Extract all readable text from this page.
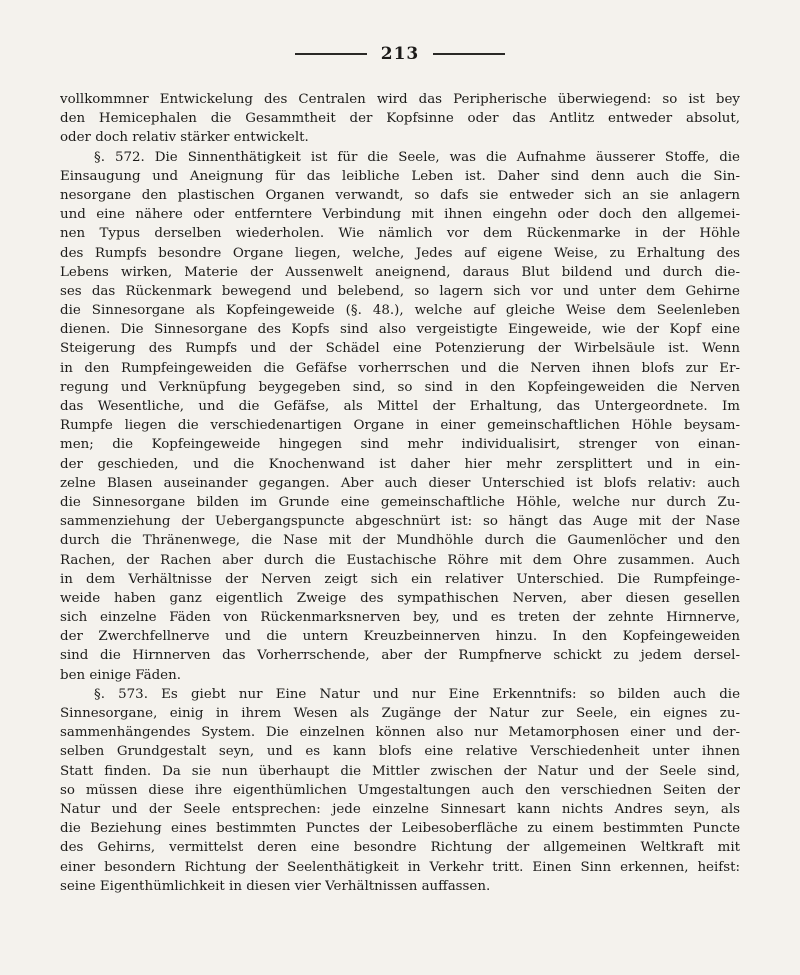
213
vollkommner Entwickelung des Centralen wird das Peripherische überwiegend: so ist bey
den Hemicephalen die Gesammtheit der Kopfsinne oder das Antlitz entweder absolut,
oder doch relativ stärker entwickelt.
§. 572. Die Sinnenthätigkeit ist für die Seele, was die Aufnahme äusserer Stoffe, die
Einsaugung und Aneignung für das leibliche Leben ist. Daher sind denn auch die Sin-
nesorgane den plastischen Organen verwandt, so dafs sie entweder sich an sie anlagern
und eine nähere oder entferntere Verbindung mit ihnen eingehn oder doch den allgemei-
nen Typus derselben wiederholen. Wie nämlich vor dem Rückenmarke in der Höhle
des Rumpfs besondre Organe liegen, welche, Jedes auf eigene Weise, zu Erhaltung des
Lebens wirken, Materie der Aussenwelt aneignend, daraus Blut bildend und durch die-
ses das Rückenmark bewegend und belebend, so lagern sich vor und unter dem Gehirne
die Sinnesorgane als Kopfeingeweide (§. 48.), welche auf gleiche Weise dem Seelenleben
dienen. Die Sinnesorgane des Kopfs sind also vergeistigte Eingeweide, wie der Kopf eine
Steigerung des Rumpfs und der Schädel eine Potenzierung der Wirbelsäule ist. Wenn
in den Rumpfeingeweiden die Gefäfse vorherrschen und die Nerven ihnen blofs zur Er-
regung und Verknüpfung beygegeben sind, so sind in den Kopfeingeweiden die Nerven
das Wesentliche, und die Gefäfse, als Mittel der Erhaltung, das Untergeordnete. Im
Rumpfe liegen die verschiedenartigen Organe in einer gemeinschaftlichen Höhle beysam-
men; die Kopfeingeweide hingegen sind mehr individualisirt, strenger von einan-
der geschieden, und die Knochenwand ist daher hier mehr zersplittert und in ein-
zelne Blasen auseinander gegangen. Aber auch dieser Unterschied ist blofs relativ: auch
die Sinnesorgane bilden im Grunde eine gemeinschaftliche Höhle, welche nur durch Zu-
sammenziehung der Uebergangspuncte abgeschnürt ist: so hängt das Auge mit der Nase
durch die Thränenwege, die Nase mit der Mundhöhle durch die Gaumenlöcher und den
Rachen, der Rachen aber durch die Eustachische Röhre mit dem Ohre zusammen. Auch
in dem Verhältnisse der Nerven zeigt sich ein relativer Unterschied. Die Rumpfeinge-
weide haben ganz eigentlich Zweige des sympathischen Nerven, aber diesen gesellen
sich einzelne Fäden von Rückenmarksnerven bey, und es treten der zehnte Hirnnerve,
der Zwerchfellnerve und die untern Kreuzbeinnerven hinzu. In den Kopfeingeweiden
sind die Hirnnerven das Vorherrschende, aber der Rumpfnerve schickt zu jedem dersel-
ben einige Fäden.
§. 573. Es giebt nur Eine Natur und nur Eine Erkenntnifs: so bilden auch die
Sinnesorgane, einig in ihrem Wesen als Zugänge der Natur zur Seele, ein eignes zu-
sammenhängendes System. Die einzelnen können also nur Metamorphosen einer und der-
selben Grundgestalt seyn, und es kann blofs eine relative Verschiedenheit unter ihnen
Statt finden. Da sie nun überhaupt die Mittler zwischen der Natur und der Seele sind,
so müssen diese ihre eigenthümlichen Umgestaltungen auch den verschiednen Seiten der
Natur und der Seele entsprechen: jede einzelne Sinnesart kann nichts Andres seyn, als
die Beziehung eines bestimmten Punctes der Leibesoberfläche zu einem bestimmten Puncte
des Gehirns, vermittelst deren eine besondre Richtung der allgemeinen Weltkraft mit
einer besondern Richtung der Seelenthätigkeit in Verkehr tritt. Einen Sinn erkennen, heifst:
seine Eigenthümlichkeit in diesen vier Verhältnissen auffassen.
